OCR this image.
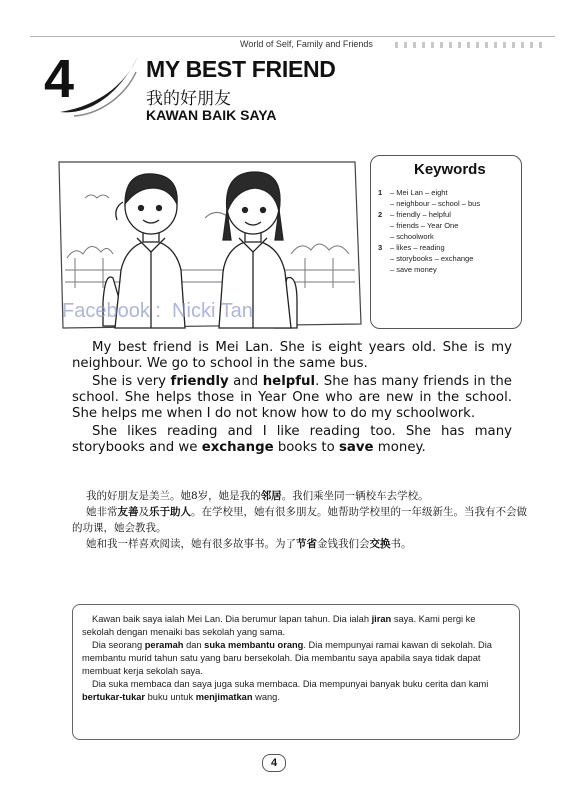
World of Self, Family and Friends
4	MY BEST FRIEND
我的好朋友
KAWAN BAIK SAYA
Keywords
1 – Mei Lan – eight
– neighbour – school – bus
2 – friendly – helpful
– friends – Year One
– schoolwork
3 – likes – reading
– storybooks – exchange
– save money
Facebook :  Nicki Tan

My best friend is Mei Lan. She is eight years old. She is my neighbour. We go to school in the same bus.

She is very friendly and helpful. She has many friends in the school. She helps those in Year One who are new in the school. She helps me when I do not know how to do my schoolwork.

She likes reading and I like reading too. She has many storybooks and we exchange books to save money.

我的好朋友是美兰。她8岁，她是我的邻居。我们乘坐同一辆校车去学校。

她非常友善及乐于助人。在学校里，她有很多朋友。她帮助学校里的一年级新生。当我有不会做的功课，她会教我。

她和我一样喜欢阅读，她有很多故事书。为了节省金钱我们会交换书。

Kawan baik saya ialah Mei Lan. Dia berumur lapan tahun. Dia ialah jiran saya. Kami pergi ke sekolah dengan menaiki bas sekolah yang sama.

Dia seorang peramah dan suka membantu orang. Dia mempunyai ramai kawan di sekolah. Dia membantu murid tahun satu yang baru bersekolah. Dia membantu saya apabila saya tidak dapat membuat kerja sekolah saya.

Dia suka membaca dan saya juga suka membaca. Dia mempunyai banyak buku cerita dan kami bertukar-tukar buku untuk menjimatkan wang.

4
